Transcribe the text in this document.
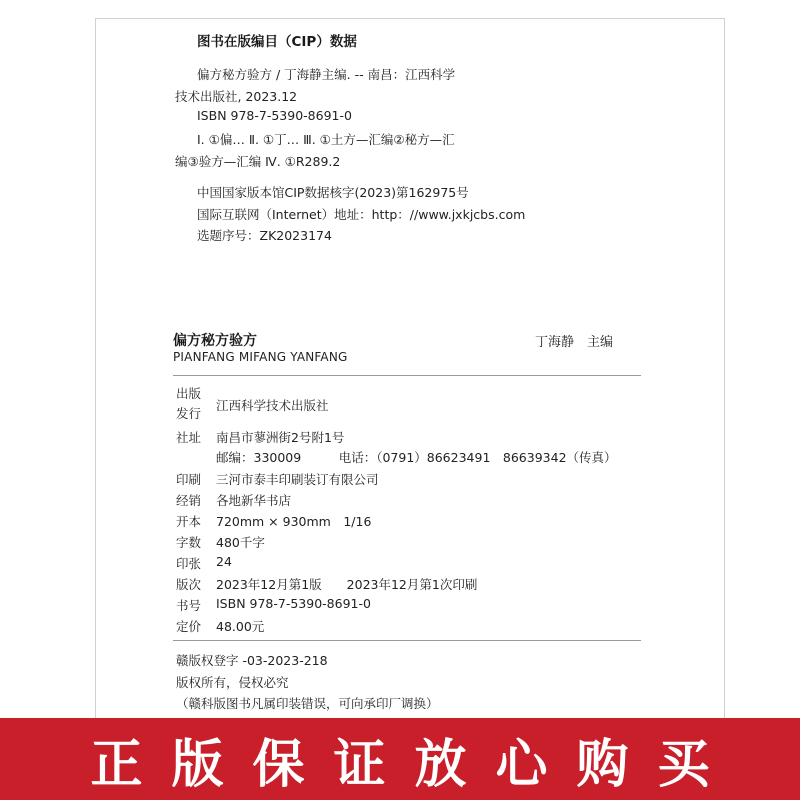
图书在版编目（CIP）数据
偏方秘方验方 / 丁海静主编. -- 南昌：江西科学
技术出版社, 2023.12
ISBN 978-7-5390-8691-0
Ⅰ. ①偏… Ⅱ. ①丁… Ⅲ. ①土方—汇编②秘方—汇
编③验方—汇编 Ⅳ. ①R289.2
中国国家版本馆CIP数据核字(2023)第162975号
国际互联网（Internet）地址：http：//www.jxkjcbs.com
选题序号：ZK2023174
偏方秘方验方	丁海静　主编
PIANFANG MIFANG YANFANG
出版
发行
江西科学技术出版社
社址 南昌市蓼洲街2号附1号
邮编：330009　　　电话：（0791）86623491　86639342（传真）
印刷 三河市泰丰印刷装订有限公司
经销 各地新华书店
开本 720mm × 930mm　1/16
字数 480千字
印张 24
版次 2023年12月第1版　　2023年12月第1次印刷
书号 ISBN 978-7-5390-8691-0
定价 48.00元
赣版权登字 -03-2023-218
版权所有，侵权必究
（赣科版图书凡属印装错误，可向承印厂调换）
正版保证放心购买
